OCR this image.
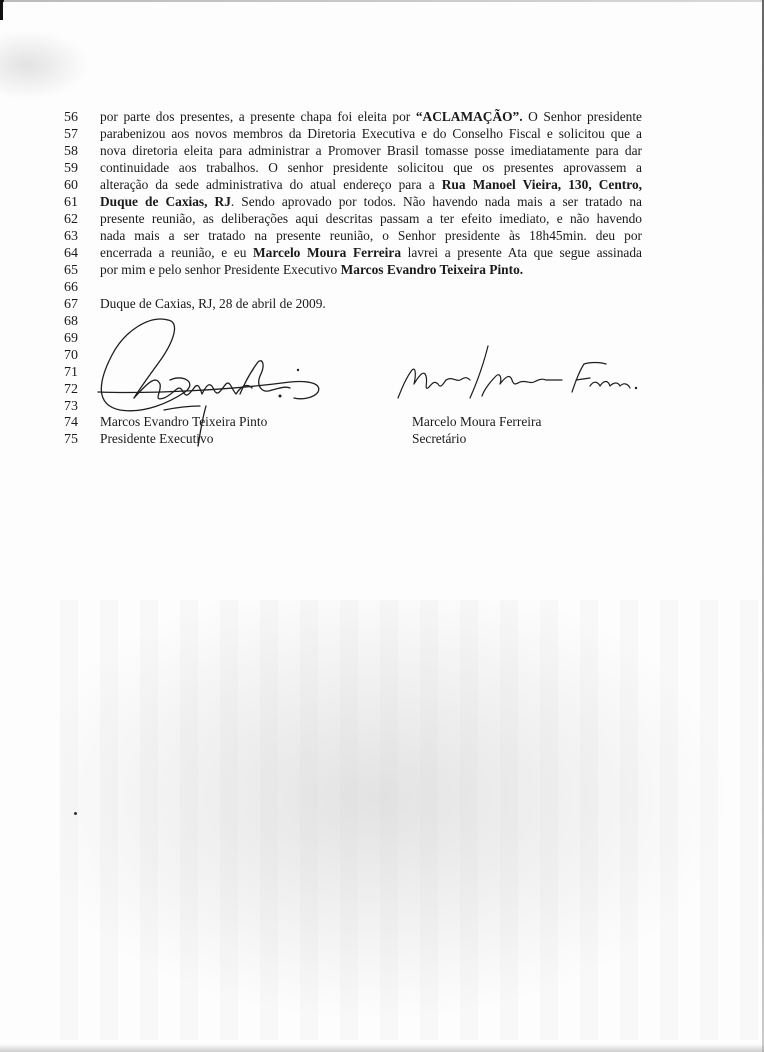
56 por parte dos presentes, a presente chapa foi eleita por “ACLAMAÇÃO”. O Senhor presidente
57 parabenizou aos novos membros da Diretoria Executiva e do Conselho Fiscal e solicitou que a
58 nova diretoria eleita para administrar a Promover Brasil tomasse posse imediatamente para dar
59 continuidade aos trabalhos. O senhor presidente solicitou que os presentes aprovassem a
60 alteração da sede administrativa do atual endereço para a Rua Manoel Vieira, 130, Centro,
61 Duque de Caxias, RJ. Sendo aprovado por todos. Não havendo nada mais a ser tratado na
62 presente reunião, as deliberações aqui descritas passam a ter efeito imediato, e não havendo
63 nada mais a ser tratado na presente reunião, o Senhor presidente às 18h45min. deu por
64 encerrada a reunião, e eu Marcelo Moura Ferreira lavrei a presente Ata que segue assinada
65 por mim e pelo senhor Presidente Executivo Marcos Evandro Teixeira Pinto.
66
67 Duque de Caxias, RJ, 28 de abril de 2009.
68
69
70
71
72
73
74
75
Marcos Evandro Teixeira Pinto
Presidente Executivo
Marcelo Moura Ferreira
Secretário
